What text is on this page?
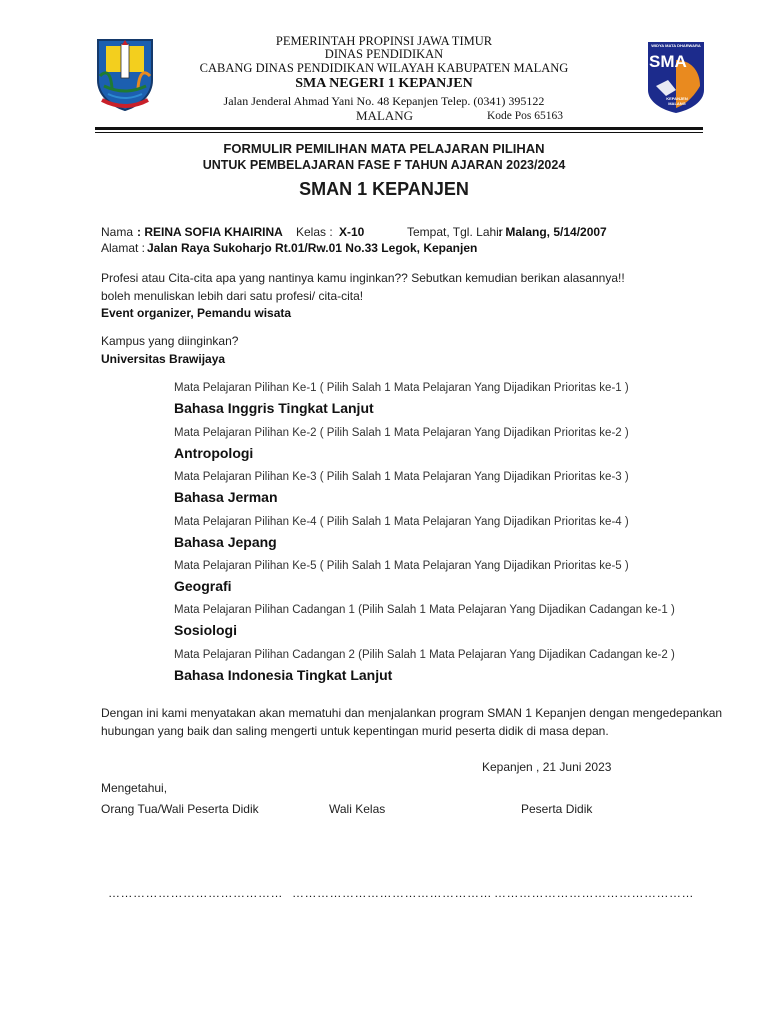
WIDYA MATA DHARWARA
SMA
KEPANJEN MALANG
PEMERINTAH PROPINSI JAWA TIMUR
DINAS PENDIDIKAN
CABANG DINAS PENDIDIKAN WILAYAH KABUPATEN MALANG
SMA NEGERI 1 KEPANJEN
Jalan Jenderal Ahmad Yani No. 48 Kepanjen Telep. (0341) 395122
MALANG	Kode Pos 65163
FORMULIR PEMILIHAN MATA PELAJARAN PILIHAN
UNTUK PEMBELAJARAN FASE F TAHUN AJARAN 2023/2024
SMAN 1 KEPANJEN
Nama : REINA SOFIA KHAIRINA Kelas : X-10	Tempat, Tgl. Lahir
: Malang, 5/14/2007
Alamat : Jalan Raya Sukoharjo Rt.01/Rw.01 No.33 Legok, Kepanjen
Profesi atau Cita-cita apa yang nantinya kamu inginkan?? Sebutkan kemudian berikan alasannya!!
boleh menuliskan lebih dari satu profesi/ cita-cita!
Event organizer, Pemandu wisata
Kampus yang diinginkan?
Universitas Brawijaya
Mata Pelajaran Pilihan Ke-1 ( Pilih Salah 1 Mata Pelajaran Yang Dijadikan Prioritas ke-1 )
Bahasa Inggris Tingkat Lanjut
Mata Pelajaran Pilihan Ke-2 ( Pilih Salah 1 Mata Pelajaran Yang Dijadikan Prioritas ke-2 )
Antropologi
Mata Pelajaran Pilihan Ke-3 ( Pilih Salah 1 Mata Pelajaran Yang Dijadikan Prioritas ke-3 )
Bahasa Jerman
Mata Pelajaran Pilihan Ke-4 ( Pilih Salah 1 Mata Pelajaran Yang Dijadikan Prioritas ke-4 )
Bahasa Jepang
Mata Pelajaran Pilihan Ke-5 ( Pilih Salah 1 Mata Pelajaran Yang Dijadikan Prioritas ke-5 )
Geografi
Mata Pelajaran Pilihan Cadangan 1 (Pilih Salah 1 Mata Pelajaran Yang Dijadikan Cadangan ke-1 )
Sosiologi
Mata Pelajaran Pilihan Cadangan 2 (Pilih Salah 1 Mata Pelajaran Yang Dijadikan Cadangan ke-2 )
Bahasa Indonesia Tingkat Lanjut
Dengan ini kami menyatakan akan mematuhi dan menjalankan program SMAN 1 Kepanjen dengan mengedepankan
hubungan yang baik dan saling mengerti untuk kepentingan murid peserta didik di masa depan.
Kepanjen , 21 Juni 2023
Mengetahui,
Orang Tua/Wali Peserta Didik	Wali Kelas	Peserta Didik
…………………………………… ………………………………………… …………………………………………
